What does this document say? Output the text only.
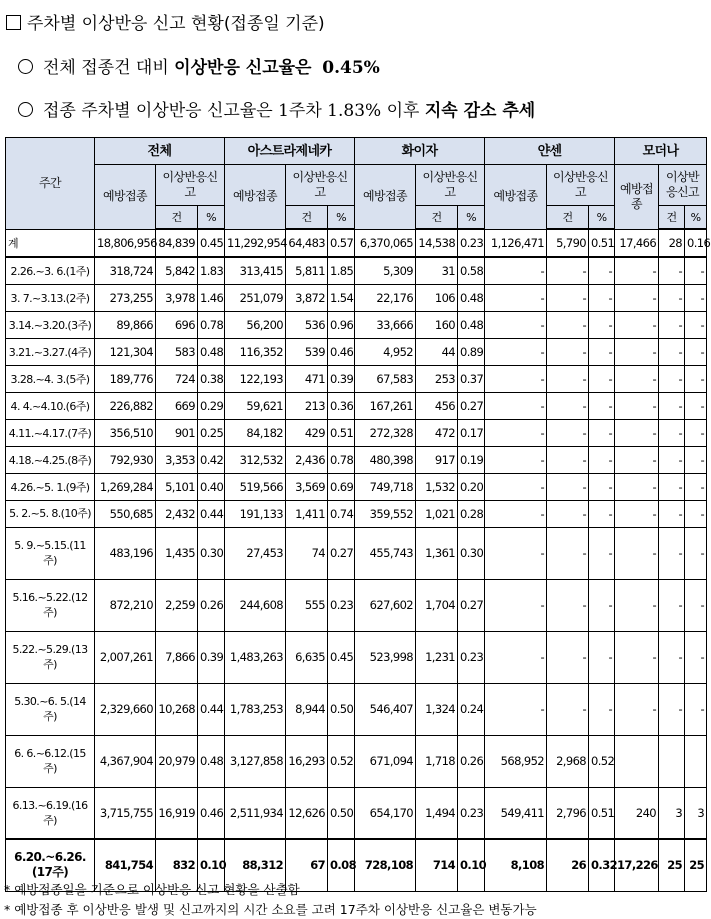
주차별 이상반응 신고 현황(접종일 기준)
전체 접종건 대비 이상반응 신고율은 0.45%
접종 주차별 이상반응 신고율은 1주차 1.83% 이후 지속 감소 추세
주간	전체			아스트라제네카			화이자			얀센			모더나		
	예방접종	이상반응신고		예방접종	이상반응신고		예방접종	이상반응신고		예방접종	이상반응신고		예방접종	이상반응신고	
		건	%		건	%		건	%		건	%		건	%
계	18,806,956	84,839	0.45	11,292,954	64,483	0.57	6,370,065	14,538	0.23	1,126,471	5,790	0.51	17,466	28	0.16
2.26.~3. 6.(1주)	318,724	5,842	1.83	313,415	5,811	1.85	5,309	31	0.58	-	-	-	-	-	-
3. 7.~3.13.(2주)	273,255	3,978	1.46	251,079	3,872	1.54	22,176	106	0.48	-	-	-	-	-	-
3.14.~3.20.(3주)	89,866	696	0.78	56,200	536	0.96	33,666	160	0.48	-	-	-	-	-	-
3.21.~3.27.(4주)	121,304	583	0.48	116,352	539	0.46	4,952	44	0.89	-	-	-	-	-	-
3.28.~4. 3.(5주)	189,776	724	0.38	122,193	471	0.39	67,583	253	0.37	-	-	-	-	-	-
4. 4.~4.10.(6주)	226,882	669	0.29	59,621	213	0.36	167,261	456	0.27	-	-	-	-	-	-
4.11.~4.17.(7주)	356,510	901	0.25	84,182	429	0.51	272,328	472	0.17	-	-	-	-	-	-
4.18.~4.25.(8주)	792,930	3,353	0.42	312,532	2,436	0.78	480,398	917	0.19	-	-	-	-	-	-
4.26.~5. 1.(9주)	1,269,284	5,101	0.40	519,566	3,569	0.69	749,718	1,532	0.20	-	-	-	-	-	-
5. 2.~5. 8.(10주)	550,685	2,432	0.44	191,133	1,411	0.74	359,552	1,021	0.28	-	-	-	-	-	-
5. 9.~5.15.(11주)	483,196	1,435	0.30	27,453	74	0.27	455,743	1,361	0.30	-	-	-	-	-	-
5.16.~5.22.(12주)	872,210	2,259	0.26	244,608	555	0.23	627,602	1,704	0.27	-	-	-	-	-	-
5.22.~5.29.(13주)	2,007,261	7,866	0.39	1,483,263	6,635	0.45	523,998	1,231	0.23	-	-	-	-	-	-
5.30.~6. 5.(14주)	2,329,660	10,268	0.44	1,783,253	8,944	0.50	546,407	1,324	0.24	-	-	-	-	-	-
6. 6.~6.12.(15주)	4,367,904	20,979	0.48	3,127,858	16,293	0.52	671,094	1,718	0.26	568,952	2,968	0.52			
6.13.~6.19.(16주)	3,715,755	16,919	0.46	2,511,934	12,626	0.50	654,170	1,494	0.23	549,411	2,796	0.51	240	3	3
6.20.~6.26.(17주)	841,754	832	0.10	88,312	67	0.08	728,108	714	0.10	8,108	26	0.32	17,226	25	25
* 예방접종일을 기준으로 이상반응 신고 현황을 산출함
* 예방접종 후 이상반응 발생 및 신고까지의 시간 소요를 고려 17주차 이상반응 신고율은 변동가능
